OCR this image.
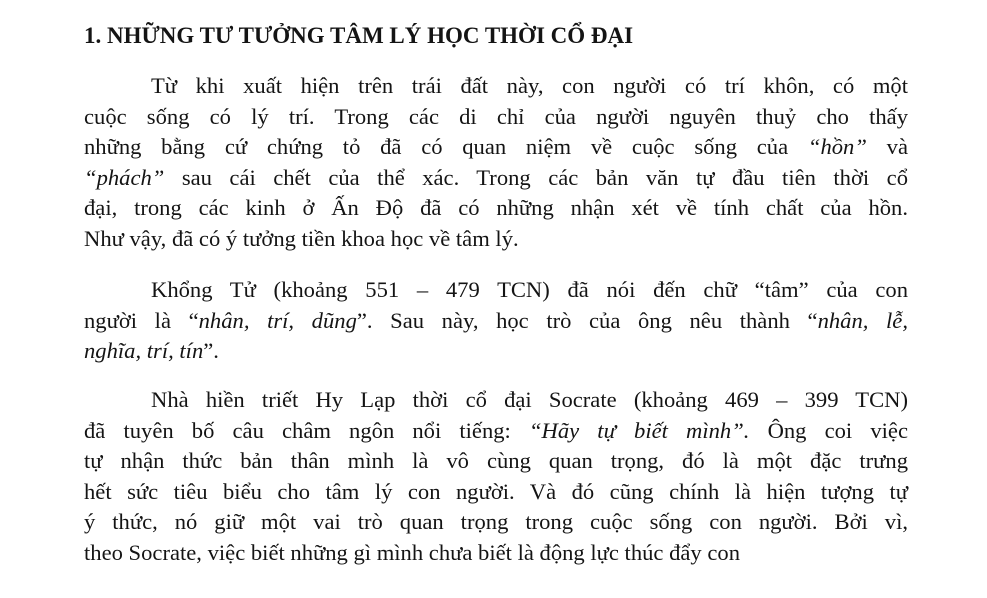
1. NHỮNG TƯ TƯỞNG TÂM LÝ HỌC THỜI CỔ ĐẠI
Từ khi xuất hiện trên trái đất này, con người có trí khôn, có một
cuộc sống có lý trí. Trong các di chỉ của người nguyên thuỷ cho thấy
những bằng cứ chứng tỏ đã có quan niệm về cuộc sống của “hồn” và
“phách” sau cái chết của thể xác. Trong các bản văn tự đầu tiên thời cổ
đại, trong các kinh ở Ấn Độ đã có những nhận xét về tính chất của hồn.
Như vậy, đã có ý tưởng tiền khoa học về tâm lý.
Khổng Tử (khoảng 551 – 479 TCN) đã nói đến chữ “tâm” của con
người là “nhân, trí, dũng”. Sau này, học trò của ông nêu thành “nhân, lễ,
nghĩa, trí, tín”.
Nhà hiền triết Hy Lạp thời cổ đại Socrate (khoảng 469 – 399 TCN)
đã tuyên bố câu châm ngôn nổi tiếng: “Hãy tự biết mình”. Ông coi việc
tự nhận thức bản thân mình là vô cùng quan trọng, đó là một đặc trưng
hết sức tiêu biểu cho tâm lý con người. Và đó cũng chính là hiện tượng tự
ý thức, nó giữ một vai trò quan trọng trong cuộc sống con người. Bởi vì,
theo Socrate, việc biết những gì mình chưa biết là động lực thúc đẩy con
